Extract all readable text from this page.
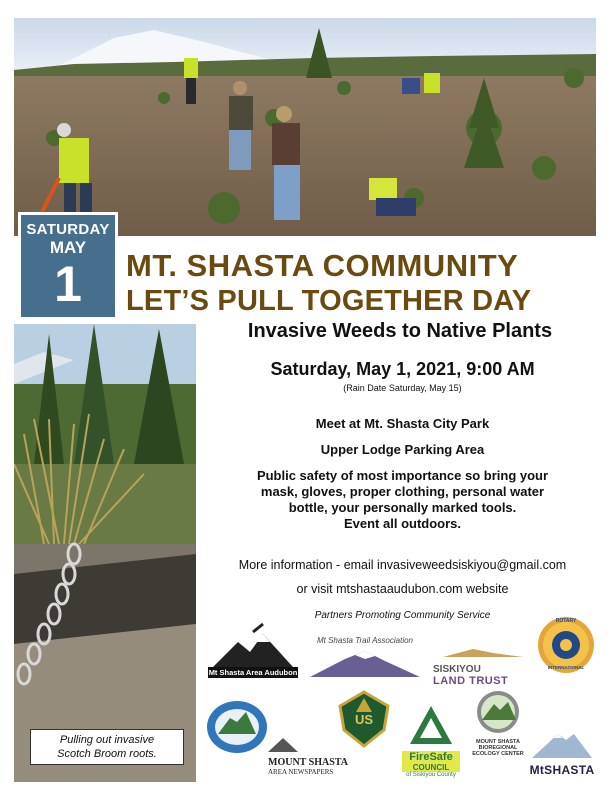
SATURDAY
MAY
1	MT. SHASTA COMMUNITY
LET’S PULL TOGETHER DAY
Invasive Weeds to Native Plants
Pulling out invasive
Scotch Broom roots.
Saturday, May 1, 2021, 9:00 AM
(Rain Date Saturday, May 15)
Meet at Mt. Shasta City Park
Upper Lodge Parking Area
Public safety of most importance so bring your
mask, gloves, proper clothing, personal water
bottle, your personally marked tools.
Event all outdoors.
More information - email invasiveweedsiskiyou@gmail.com
or visit mtshastaaudubon.com website
Partners Promoting Community Service
Mt Shasta Area Audubon
Mt Shasta Trail Association
SISKIYOU
LAND TRUST
ROTARY
INTERNATIONAL
MOUNT SHASTA
AREA NEWSPAPERS
US
FireSafe
COUNCIL
of Siskiyou County
MOUNT SHASTA
BIOREGIONAL
ECOLOGY CENTER
MtSHASTA
